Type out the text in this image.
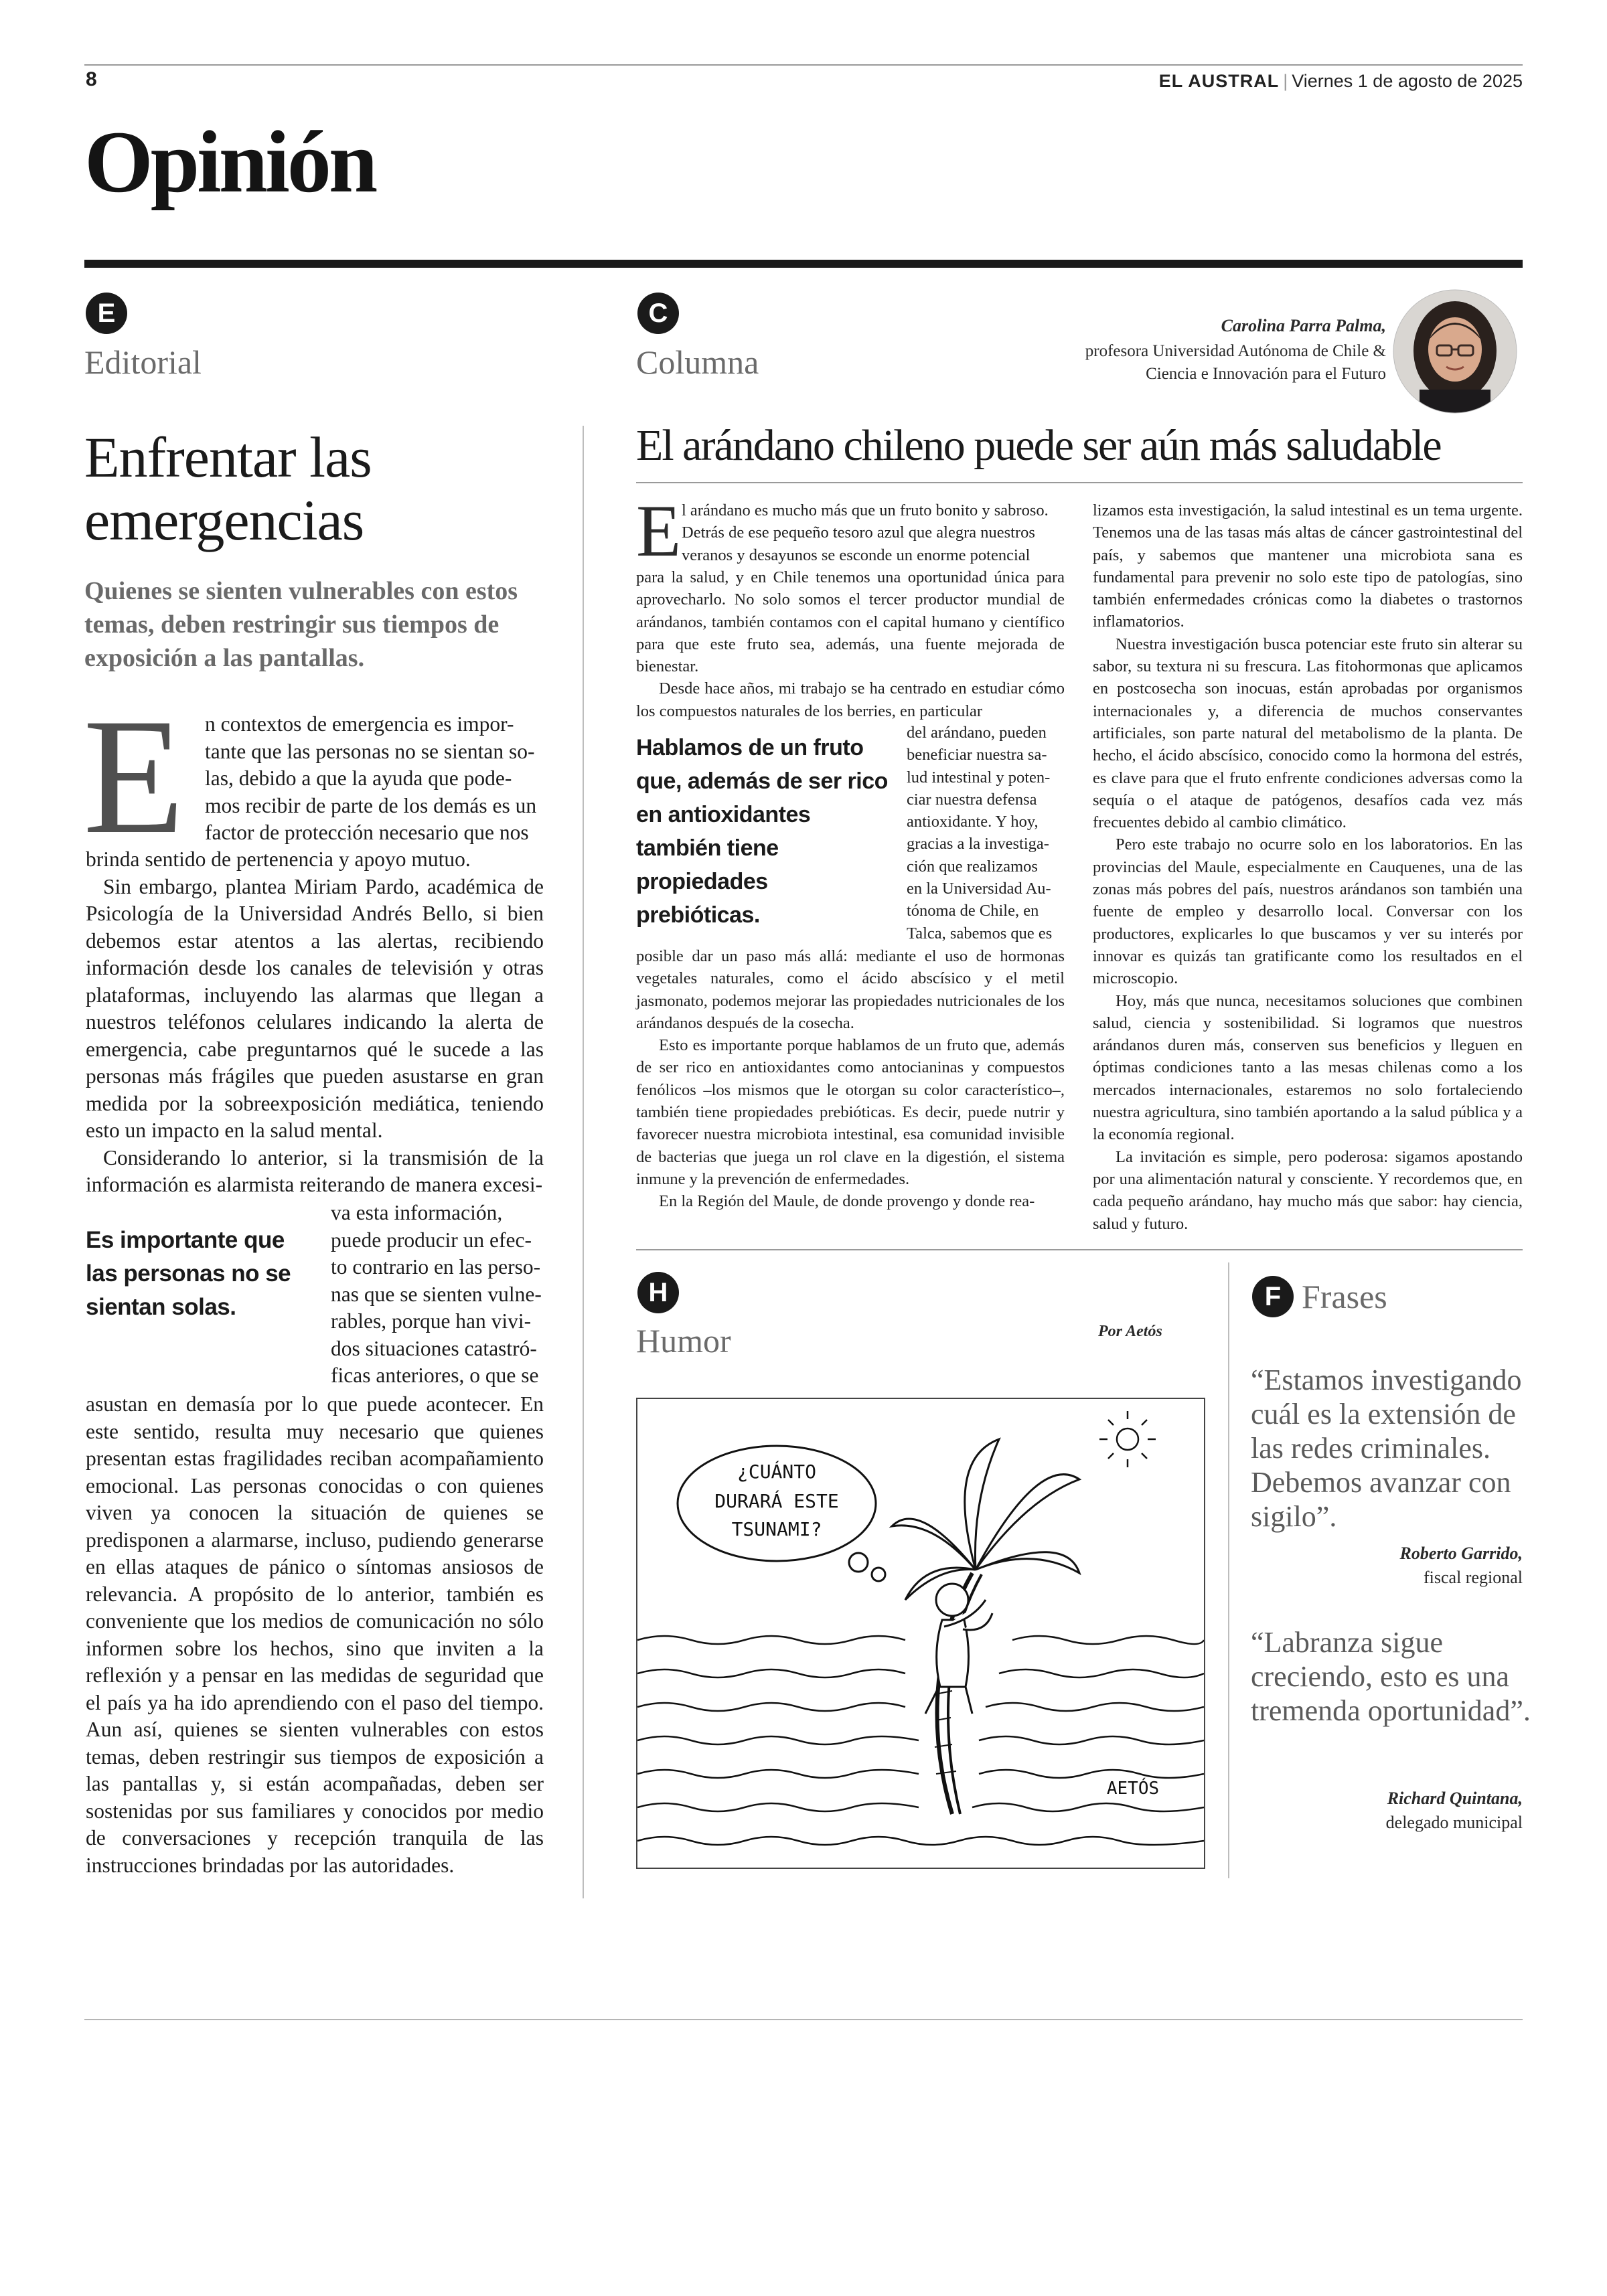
8	EL AUSTRAL | Viernes 1 de agosto de 2025
Opinión
E
Editorial
Enfrentar las
emergencias
Quienes se sienten vulnerables con estos temas, deben restringir sus tiempos de exposición a las pantallas.
E n contextos de emergencia es impor-
tante que las personas no se sientan so-
las, debido a que la ayuda que pode-
mos recibir de parte de los demás es un
factor de protección necesario que nos

brinda sentido de pertenencia y apoyo mutuo.

Sin embargo, plantea Miriam Pardo, académica de Psicología de la Universidad Andrés Bello, si bien debemos estar atentos a las alertas, recibiendo información desde los canales de televisión y otras plataformas, incluyendo las alarmas que llegan a nuestros teléfonos celulares indicando la alerta de emergencia, cabe preguntarnos qué le sucede a las personas más frágiles que pueden asustarse en gran medida por la sobreexposición mediática, teniendo esto un impacto en la salud mental.

Considerando lo anterior, si la transmisión de la información es alarmista reiterando de manera excesi-

Es importante que las personas no se sientan solas.
va esta información,
puede producir un efec-
to contrario en las perso-
nas que se sienten vulne-
rables, porque han vivi-
dos situaciones catastró-
ficas anteriores, o que se

asustan en demasía por lo que puede acontecer. En este sentido, resulta muy necesario que quienes presentan estas fragilidades reciban acompañamiento emocional. Las personas conocidas o con quienes viven ya conocen la situación de quienes se predisponen a alarmarse, incluso, pudiendo generarse en ellas ataques de pánico o síntomas ansiosos de relevancia. A propósito de lo anterior, también es conveniente que los medios de comunicación no sólo informen sobre los hechos, sino que inviten a la reflexión y a pensar en las medidas de seguridad que el país ya ha ido aprendiendo con el paso del tiempo. Aun así, quienes se sienten vulnerables con estos temas, deben restringir sus tiempos de exposición a las pantallas y, si están acompañadas, deben ser sostenidas por sus familiares y conocidos por medio de conversaciones y recepción tranquila de las instrucciones brindadas por las autoridades.

C
Columna
Carolina Parra Palma,
profesora Universidad Autónoma de Chile &
Ciencia e Innovación para el Futuro
El arándano chileno puede ser aún más saludable
E l arándano es mucho más que un fruto bonito y sabroso.
Detrás de ese pequeño tesoro azul que alegra nuestros
veranos y desayunos se esconde un enorme potencial

para la salud, y en Chile tenemos una oportunidad única para aprovecharlo. No solo somos el tercer productor mundial de arándanos, también contamos con el capital humano y científico para que este fruto sea, además, una fuente mejorada de bienestar.

Desde hace años, mi trabajo se ha centrado en estudiar cómo los compuestos naturales de los berries, en particular

Hablamos de un fruto que, además de ser rico en antioxidantes también tiene propiedades prebióticas.
del arándano, pueden
beneficiar nuestra sa-
lud intestinal y poten-
ciar nuestra defensa
antioxidante. Y hoy,
gracias a la investiga-
ción que realizamos
en la Universidad Au-
tónoma de Chile, en
Talca, sabemos que es

posible dar un paso más allá: mediante el uso de hormonas vegetales naturales, como el ácido abscísico y el metil jasmonato, podemos mejorar las propiedades nutricionales de los arándanos después de la cosecha.

Esto es importante porque hablamos de un fruto que, además de ser rico en antioxidantes como antocianinas y compuestos fenólicos –los mismos que le otorgan su color característico–, también tiene propiedades prebióticas. Es decir, puede nutrir y favorecer nuestra microbiota intestinal, esa comunidad invisible de bacterias que juega un rol clave en la digestión, el sistema inmune y la prevención de enfermedades.

En la Región del Maule, de donde provengo y donde rea-

lizamos esta investigación, la salud intestinal es un tema urgente. Tenemos una de las tasas más altas de cáncer gastrointestinal del país, y sabemos que mantener una microbiota sana es fundamental para prevenir no solo este tipo de patologías, sino también enfermedades crónicas como la diabetes o trastornos inflamatorios.

Nuestra investigación busca potenciar este fruto sin alterar su sabor, su textura ni su frescura. Las fitohormonas que aplicamos en postcosecha son inocuas, están aprobadas por organismos internacionales y, a diferencia de muchos conservantes artificiales, son parte natural del metabolismo de la planta. De hecho, el ácido abscísico, conocido como la hormona del estrés, es clave para que el fruto enfrente condiciones adversas como la sequía o el ataque de patógenos, desafíos cada vez más frecuentes debido al cambio climático.

Pero este trabajo no ocurre solo en los laboratorios. En las provincias del Maule, especialmente en Cauquenes, una de las zonas más pobres del país, nuestros arándanos son también una fuente de empleo y desarrollo local. Conversar con los productores, explicarles lo que buscamos y ver su interés por innovar es quizás tan gratificante como los resultados en el microscopio.

Hoy, más que nunca, necesitamos soluciones que combinen salud, ciencia y sostenibilidad. Si logramos que nuestros arándanos duren más, conserven sus beneficios y lleguen en óptimas condiciones tanto a las mesas chilenas como a los mercados internacionales, estaremos no solo fortaleciendo nuestra agricultura, sino también aportando a la salud pública y a la economía regional.

La invitación es simple, pero poderosa: sigamos apostando por una alimentación natural y consciente. Y recordemos que, en cada pequeño arándano, hay mucho más que sabor: hay ciencia, salud y futuro.

H
Humor	Por Aetós
¿CUÁNTO
DURARÁ ESTE
TSUNAMI?
AETÓS
F Frases
“Estamos investigando cuál es la extensión de las redes criminales. Debemos avanzar con sigilo”.
Roberto Garrido,
fiscal regional
“Labranza sigue creciendo, esto es una tremenda oportunidad”.
Richard Quintana,
delegado municipal
